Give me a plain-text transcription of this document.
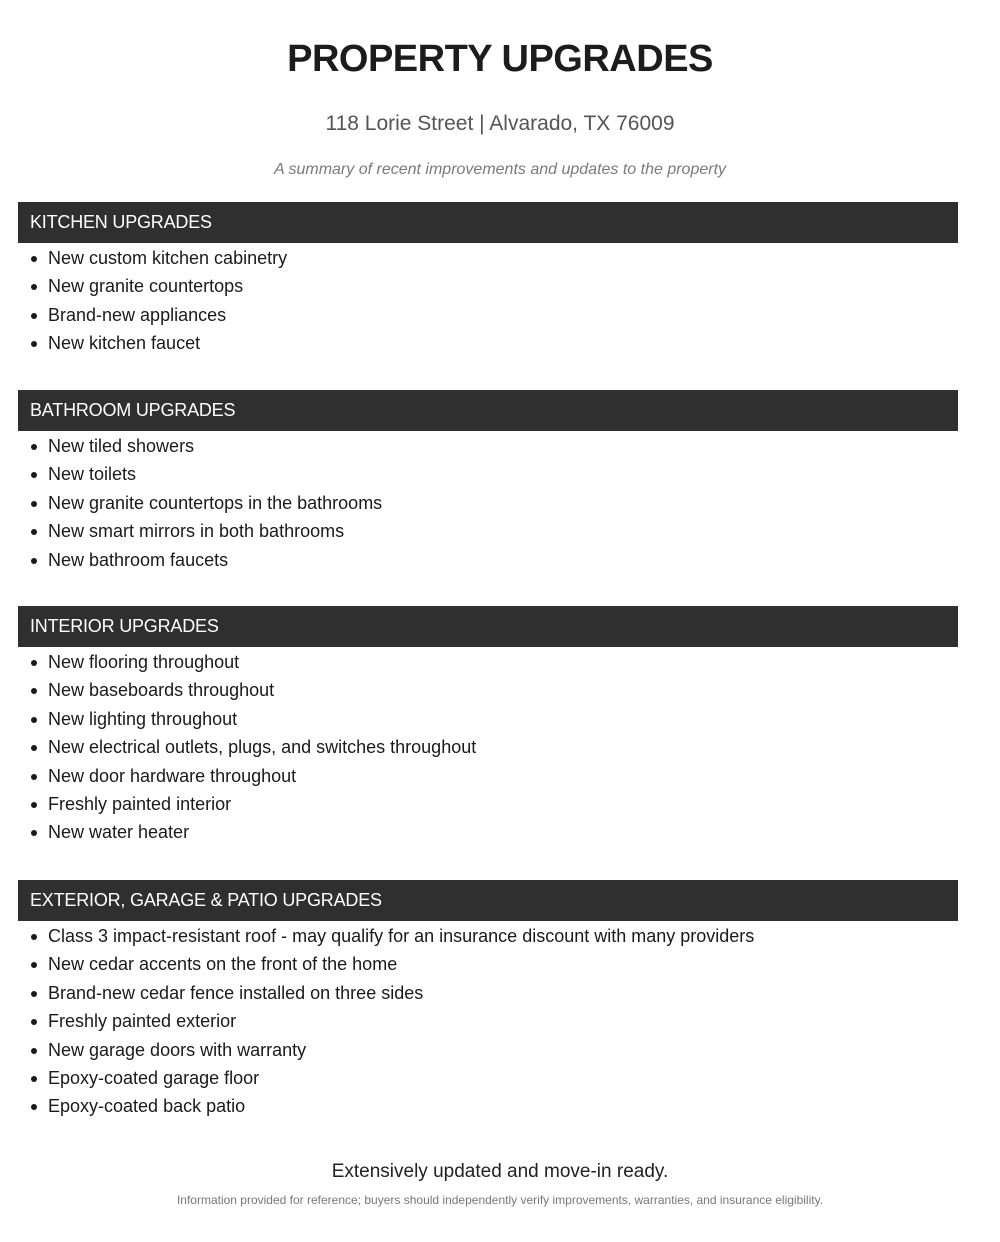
PROPERTY UPGRADES
118 Lorie Street | Alvarado, TX 76009
A summary of recent improvements and updates to the property
KITCHEN UPGRADES
New custom kitchen cabinetry
New granite countertops
Brand-new appliances
New kitchen faucet
BATHROOM UPGRADES
New tiled showers
New toilets
New granite countertops in the bathrooms
New smart mirrors in both bathrooms
New bathroom faucets
INTERIOR UPGRADES
New flooring throughout
New baseboards throughout
New lighting throughout
New electrical outlets, plugs, and switches throughout
New door hardware throughout
Freshly painted interior
New water heater
EXTERIOR, GARAGE & PATIO UPGRADES
Class 3 impact-resistant roof - may qualify for an insurance discount with many providers
New cedar accents on the front of the home
Brand-new cedar fence installed on three sides
Freshly painted exterior
New garage doors with warranty
Epoxy-coated garage floor
Epoxy-coated back patio
Extensively updated and move-in ready.
Information provided for reference; buyers should independently verify improvements, warranties, and insurance eligibility.
